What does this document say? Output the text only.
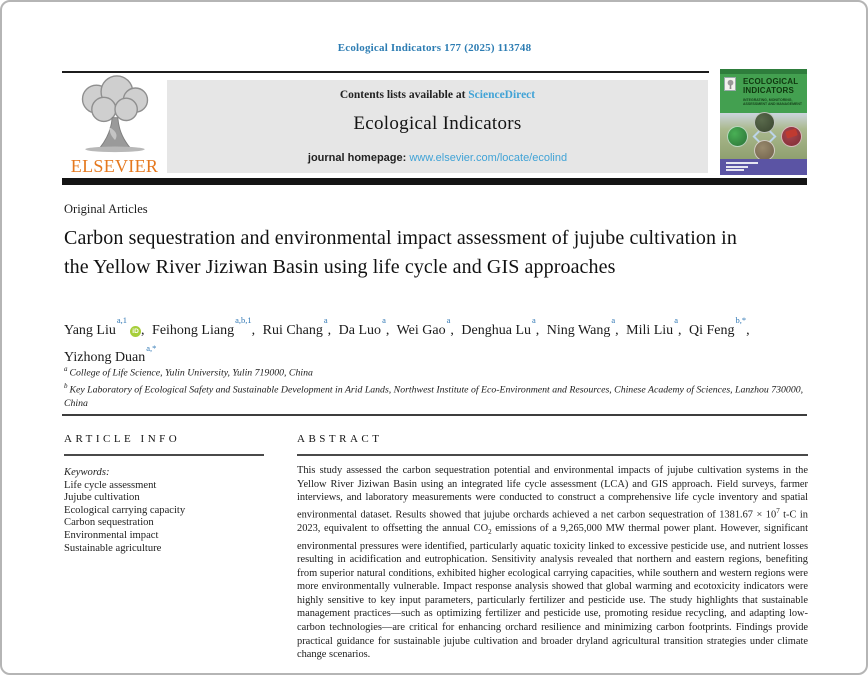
Ecological Indicators 177 (2025) 113748
ELSEVIER
Contents lists available at ScienceDirect
Ecological Indicators
journal homepage: www.elsevier.com/locate/ecolind
ECOLOGICAL
INDICATORS
INTEGRATING, MONITORING, ASSESSMENT AND MANAGEMENT
Original Articles
Carbon sequestration and environmental impact assessment of jujube cultivation in the Yellow River Jiziwan Basin using life cycle and GIS approaches
Yang Liu$^{a,1}$iD , Feihong Liang$^{a,b,1}$, Rui Chang$^a$, Da Luo$^a$, Wei Gao$^a$, Denghua Lu$^a$, Ning Wang$^a$, Mili Liu$^a$, Qi Feng$^{b,*}$, Yizhong Duan$^{a,*}$
$^a$ College of Life Science, Yulin University, Yulin 719000, China
$^b$ Key Laboratory of Ecological Safety and Sustainable Development in Arid Lands, Northwest Institute of Eco-Environment and Resources, Chinese Academy of Sciences, Lanzhou 730000, China
ARTICLE INFO
Keywords:
Life cycle assessment
Jujube cultivation
Ecological carrying capacity
Carbon sequestration
Environmental impact
Sustainable agriculture
ABSTRACT

This study assessed the carbon sequestration potential and environmental impacts of jujube cultivation systems in the Yellow River Jiziwan Basin using an integrated life cycle assessment (LCA) and GIS approach. Field surveys, farmer interviews, and laboratory measurements were conducted to construct a comprehensive life cycle inventory and spatial environmental dataset. Results showed that jujube orchards achieved a net carbon sequestration of $1381.67 \times 10^7$ t-C in 2023, equivalent to offsetting the annual $CO_2$ emissions of a 9,265,000 MW thermal power plant. However, significant environmental pressures were identified, particularly aquatic toxicity linked to excessive pesticide use, and nutrient losses resulting in acidification and eutrophication. Sensitivity analysis revealed that northern and eastern regions, benefiting from superior natural conditions, exhibited higher ecological carrying capacities, while southern and western regions were more environmentally vulnerable. Impact response analysis showed that global warming and ecotoxicity indicators were highly sensitive to key input parameters, particularly fertilizer and pesticide use. The study highlights that sustainable management practices—such as optimizing fertilizer and pesticide use, promoting residue recycling, and adapting low-carbon technologies—are critical for enhancing orchard resilience and minimizing carbon footprints. Findings provide practical guidance for sustainable jujube cultivation and broader dryland agricultural transition strategies under climate change scenarios.
